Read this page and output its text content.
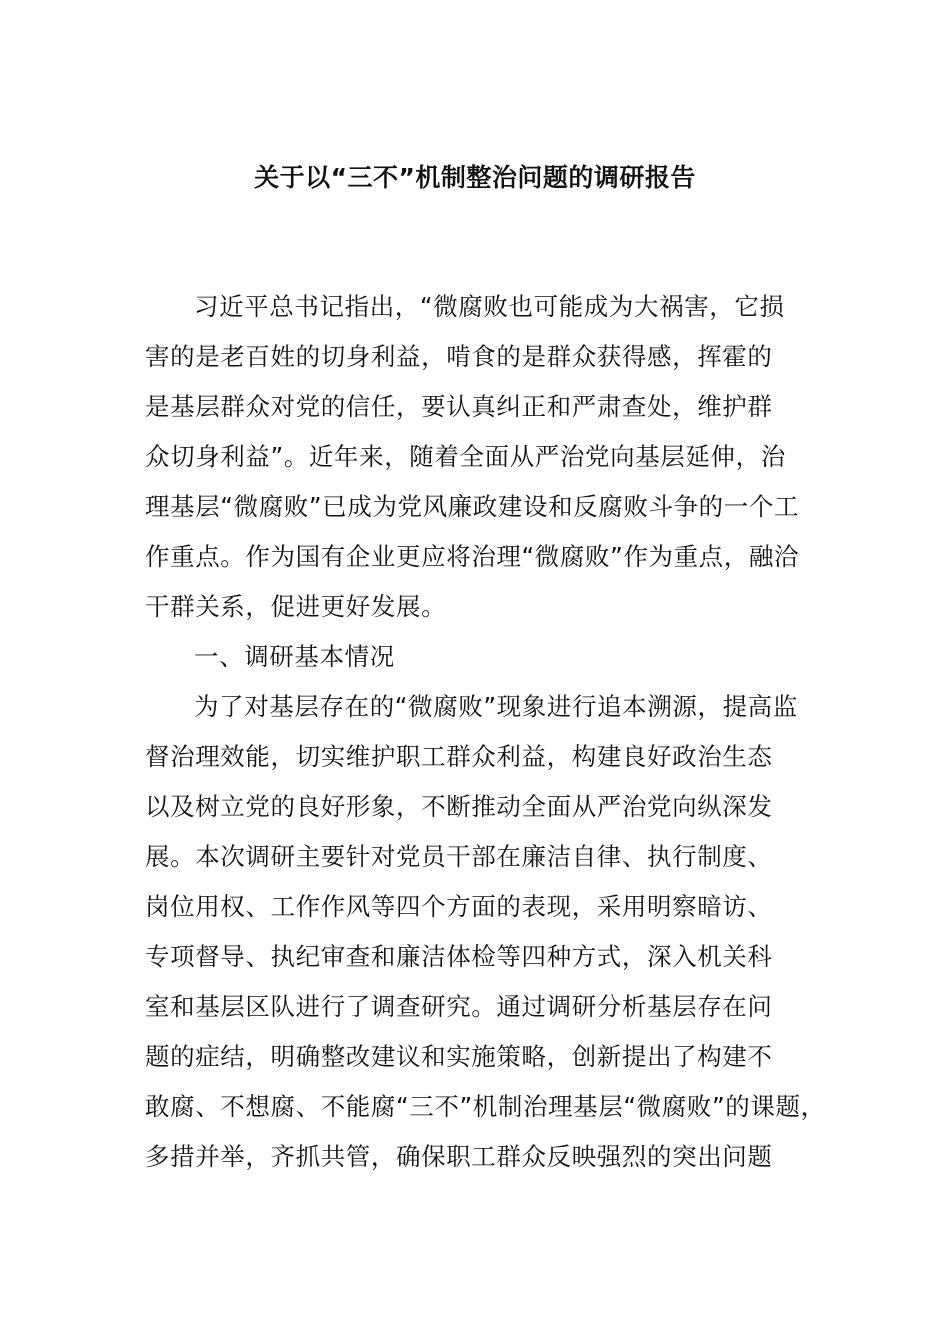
关于以“三不”机制整治问题的调研报告
习近平总书记指出，“微腐败也可能成为大祸害，它损
害的是老百姓的切身利益，啃食的是群众获得感，挥霍的
是基层群众对党的信任，要认真纠正和严肃查处，维护群
众切身利益”。近年来，随着全面从严治党向基层延伸，治
理基层“微腐败”已成为党风廉政建设和反腐败斗争的一个工
作重点。作为国有企业更应将治理“微腐败”作为重点，融洽
干群关系，促进更好发展。
一、调研基本情况
为了对基层存在的“微腐败”现象进行追本溯源，提高监
督治理效能，切实维护职工群众利益，构建良好政治生态
以及树立党的良好形象，不断推动全面从严治党向纵深发
展。本次调研主要针对党员干部在廉洁自律、执行制度、
岗位用权、工作作风等四个方面的表现，采用明察暗访、
专项督导、执纪审查和廉洁体检等四种方式，深入机关科
室和基层区队进行了调查研究。通过调研分析基层存在问
题的症结，明确整改建议和实施策略，创新提出了构建不
敢腐、不想腐、不能腐“三不”机制治理基层“微腐败”的课题，
多措并举，齐抓共管，确保职工群众反映强烈的突出问题
